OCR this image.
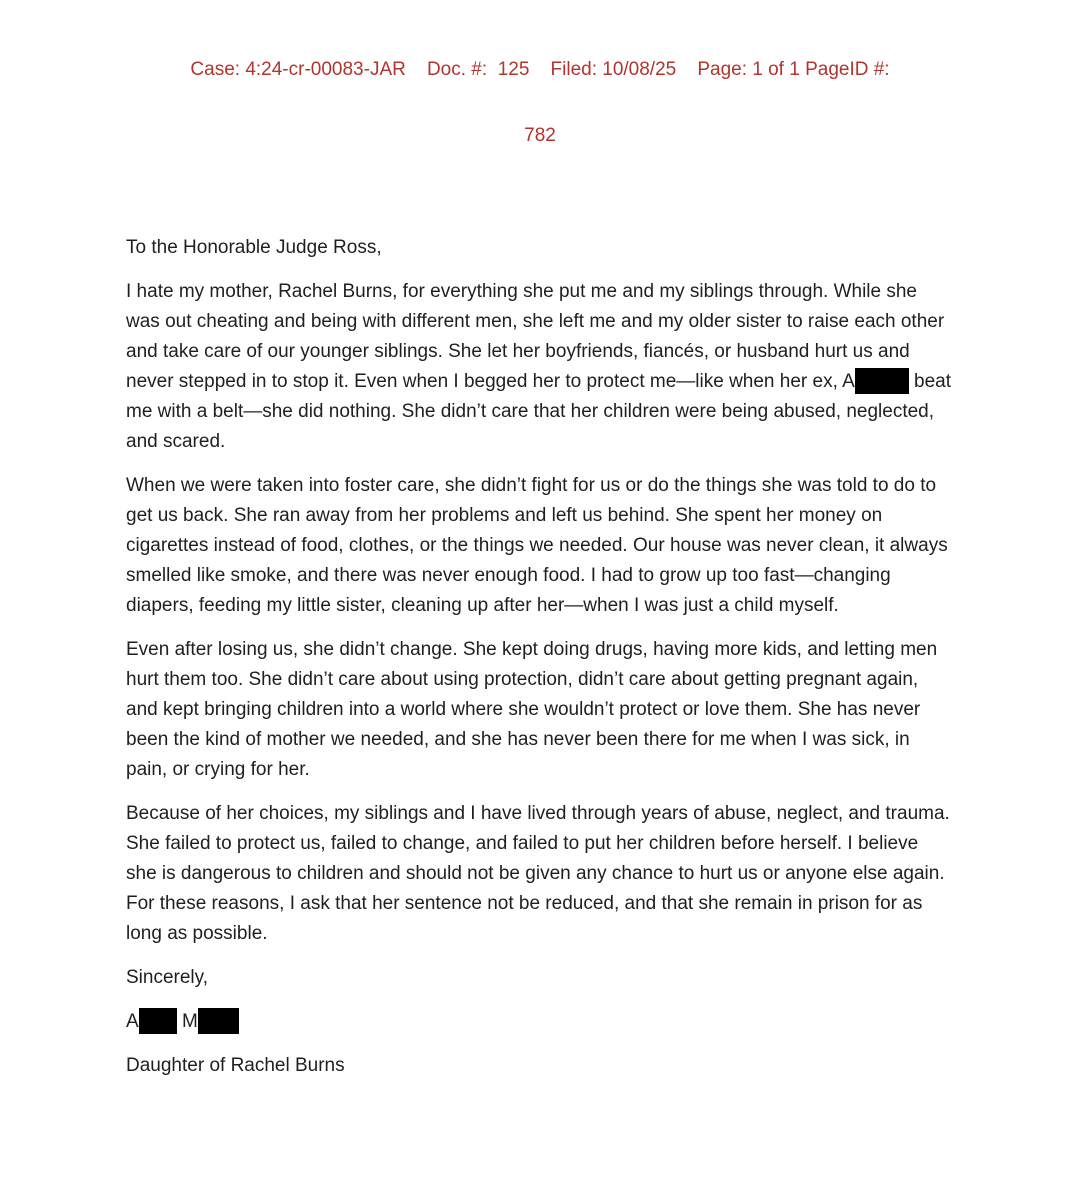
Case: 4:24-cr-00083-JAR    Doc. #:  125    Filed: 10/08/25    Page: 1 of 1 PageID #:

782

To the Honorable Judge Ross,

I hate my mother, Rachel Burns, for everything she put me and my siblings through. While she was out cheating and being with different men, she left me and my older sister to raise each other and take care of our younger siblings. She let her boyfriends, fiancés, or husband hurt us and never stepped in to stop it. Even when I begged her to protect me—like when her ex, A	beat me with a belt—she did nothing. She didn’t care that her children were being abused, neglected, and scared.

When we were taken into foster care, she didn’t fight for us or do the things she was told to do to get us back. She ran away from her problems and left us behind. She spent her money on cigarettes instead of food, clothes, or the things we needed. Our house was never clean, it always smelled like smoke, and there was never enough food. I had to grow up too fast—changing diapers, feeding my little sister, cleaning up after her—when I was just a child myself.

Even after losing us, she didn’t change. She kept doing drugs, having more kids, and letting men hurt them too. She didn’t care about using protection, didn’t care about getting pregnant again, and kept bringing children into a world where she wouldn’t protect or love them. She has never been the kind of mother we needed, and she has never been there for me when I was sick, in pain, or crying for her.

Because of her choices, my siblings and I have lived through years of abuse, neglect, and trauma. She failed to protect us, failed to change, and failed to put her children before herself. I believe she is dangerous to children and should not be given any chance to hurt us or anyone else again. For these reasons, I ask that her sentence not be reduced, and that she remain in prison for as long as possible.

Sincerely,

A M

Daughter of Rachel Burns
